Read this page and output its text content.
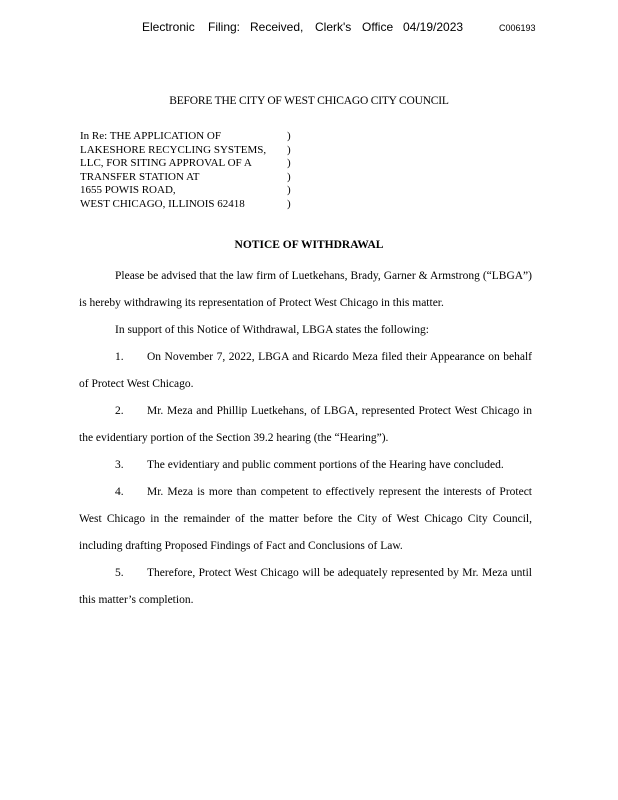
Electronic Filing: Received, Clerk's Office 04/19/2023	C006193
BEFORE THE CITY OF WEST CHICAGO CITY COUNCIL
In Re: THE APPLICATION OF
LAKESHORE RECYCLING SYSTEMS,
LLC, FOR SITING APPROVAL OF A
TRANSFER STATION AT
1655 POWIS ROAD,
WEST CHICAGO, ILLINOIS 62418
)
)
)
)
)
)
NOTICE OF WITHDRAWAL

Please be advised that the law firm of Luetkehans, Brady, Garner & Armstrong (“LBGA”) is hereby withdrawing its representation of Protect West Chicago in this matter.

In support of this Notice of Withdrawal, LBGA states the following:

1. On November 7, 2022, LBGA and Ricardo Meza filed their Appearance on behalf of Protect West Chicago.

2. Mr. Meza and Phillip Luetkehans, of LBGA, represented Protect West Chicago in the evidentiary portion of the Section 39.2 hearing (the “Hearing”).

3. The evidentiary and public comment portions of the Hearing have concluded.

4. Mr. Meza is more than competent to effectively represent the interests of Protect West Chicago in the remainder of the matter before the City of West Chicago City Council, including drafting Proposed Findings of Fact and Conclusions of Law.

5. Therefore, Protect West Chicago will be adequately represented by Mr. Meza until this matter’s completion.
